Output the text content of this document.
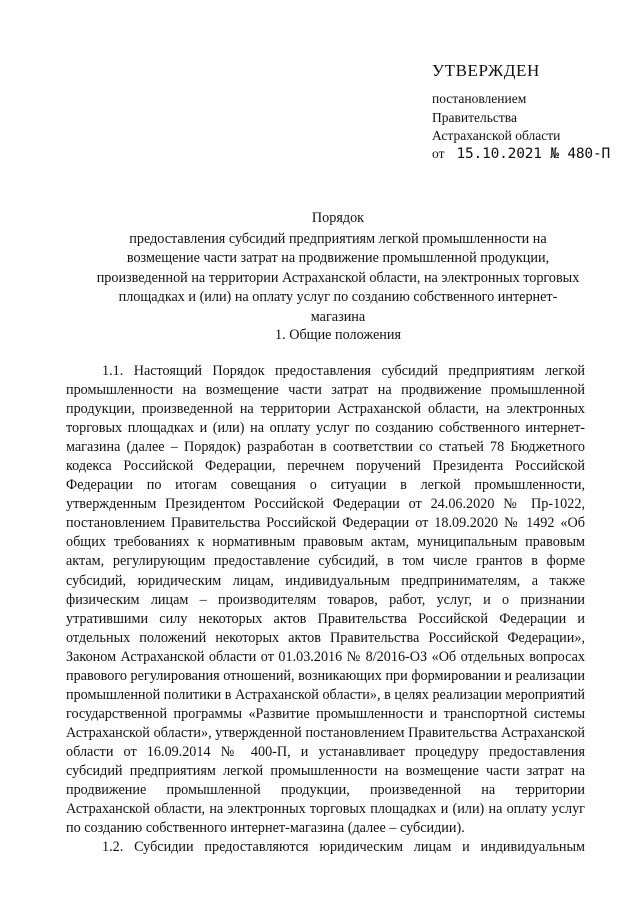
УТВЕРЖДЕН
постановлением
Правительства
Астраханской области
от 15.10.2021 № 480-П
Порядок
предоставления субсидий предприятиям легкой промышленности на
возмещение части затрат на продвижение промышленной продукции,
произведенной на территории Астраханской области, на электронных торговых
площадках и (или) на оплату услуг по созданию собственного интернет-
магазина
1. Общие положения

1.1. Настоящий Порядок предоставления субсидий предприятиям легкой промышленности на возмещение части затрат на продвижение промышленной продукции, произведенной на территории Астраханской области, на электронных торговых площадках и (или) на оплату услуг по созданию собственного интернет-магазина (далее – Порядок) разработан в соответствии со статьей 78 Бюджетного кодекса Российской Федерации, перечнем поручений Президента Российской Федерации по итогам совещания о ситуации в легкой промышленности, утвержденным Президентом Российской Федерации от 24.06.2020 № Пр-1022, постановлением Правительства Российской Федерации от 18.09.2020 № 1492 «Об общих требованиях к нормативным правовым актам, муниципальным правовым актам, регулирующим предоставление субсидий, в том числе грантов в форме субсидий, юридическим лицам, индивидуальным предпринимателям, а также физическим лицам – производителям товаров, работ, услуг, и о признании утратившими силу некоторых актов Правительства Российской Федерации и отдельных положений некоторых актов Правительства Российской Федерации», Законом Астраханской области от 01.03.2016 № 8/2016-ОЗ «Об отдельных вопросах правового регулирования отношений, возникающих при формировании и реализации промышленной политики в Астраханской области», в целях реализации мероприятий государственной программы «Развитие промышленности и транспортной системы Астраханской области», утвержденной постановлением Правительства Астраханской области от 16.09.2014 № 400-П, и устанавливает процедуру предоставления субсидий предприятиям легкой промышленности на возмещение части затрат на продвижение промышленной продукции, произведенной на территории Астраханской области, на электронных торговых площадках и (или) на оплату услуг по созданию собственного интернет-магазина (далее – субсидии).

1.2. Субсидии предоставляются юридическим лицам и индивидуальным
